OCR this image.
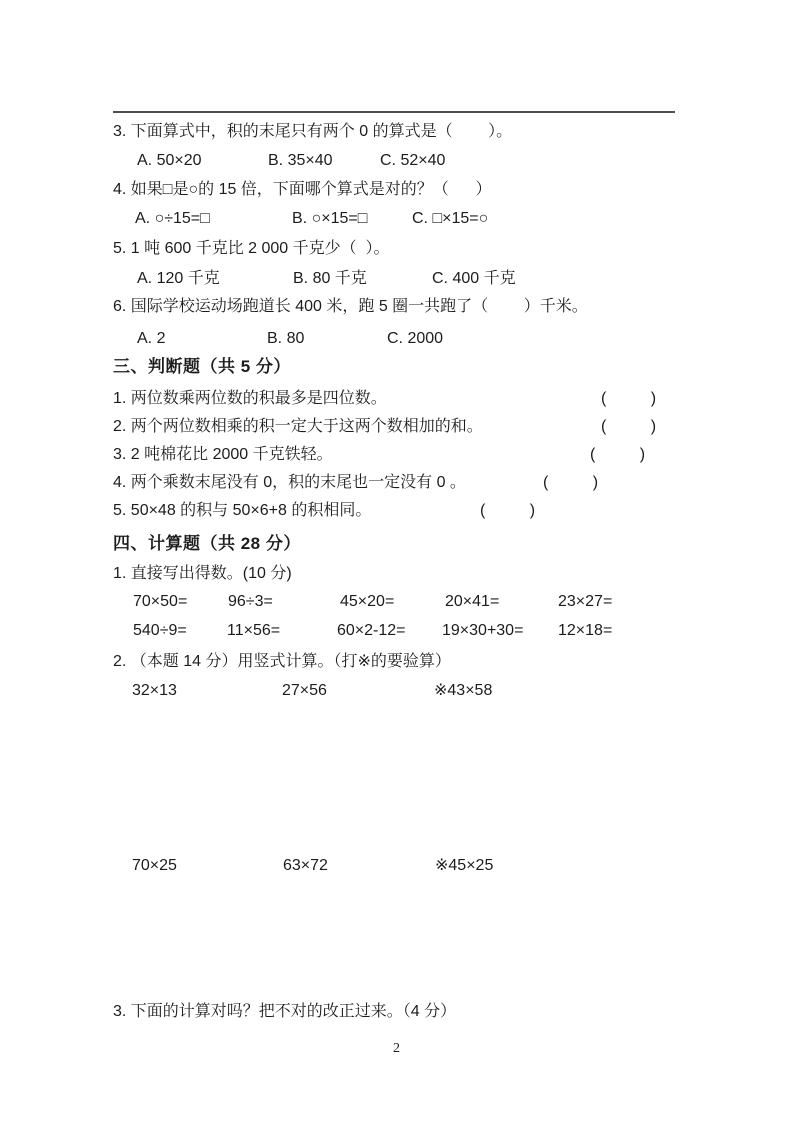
3. 下面算式中，积的末尾只有两个 0 的算式是（        ）。
A. 50×20	B. 35×40	C. 52×40
4. 如果□是○的 15 倍，下面哪个算式是对的？（      ）
A. ○÷15=□	B. ○×15=□	C. □×15=○
5. 1 吨 600 千克比 2 000 千克少（  ）。
A. 120 千克	B. 80 千克	C. 400 千克
6. 国际学校运动场跑道长 400 米，跑 5 圈一共跑了（        ）千米。
A. 2	B. 80	C. 2000
三、判断题（共 5 分）
1. 两位数乘两位数的积最多是四位数。	(          )
2. 两个两位数相乘的积一定大于这两个数相加的和。	(          )
3. 2 吨棉花比 2000 千克铁轻。	(          )
4. 两个乘数末尾没有 0，积的末尾也一定没有 0 。	(          )
5. 50×48 的积与 50×6+8 的积相同。	(          )
四、计算题（共 28 分）
1. 直接写出得数。(10 分)
70×50=	96÷3=	45×20=	20×41=	23×27=
540÷9=	11×56=	60×2-12= 19×30+30= 12×18=
2. （本题 14 分）用竖式计算。（打※的要验算）
32×13	27×56	※43×58
70×25	63×72	※45×25
3. 下面的计算对吗？把不对的改正过来。（4 分）
2
